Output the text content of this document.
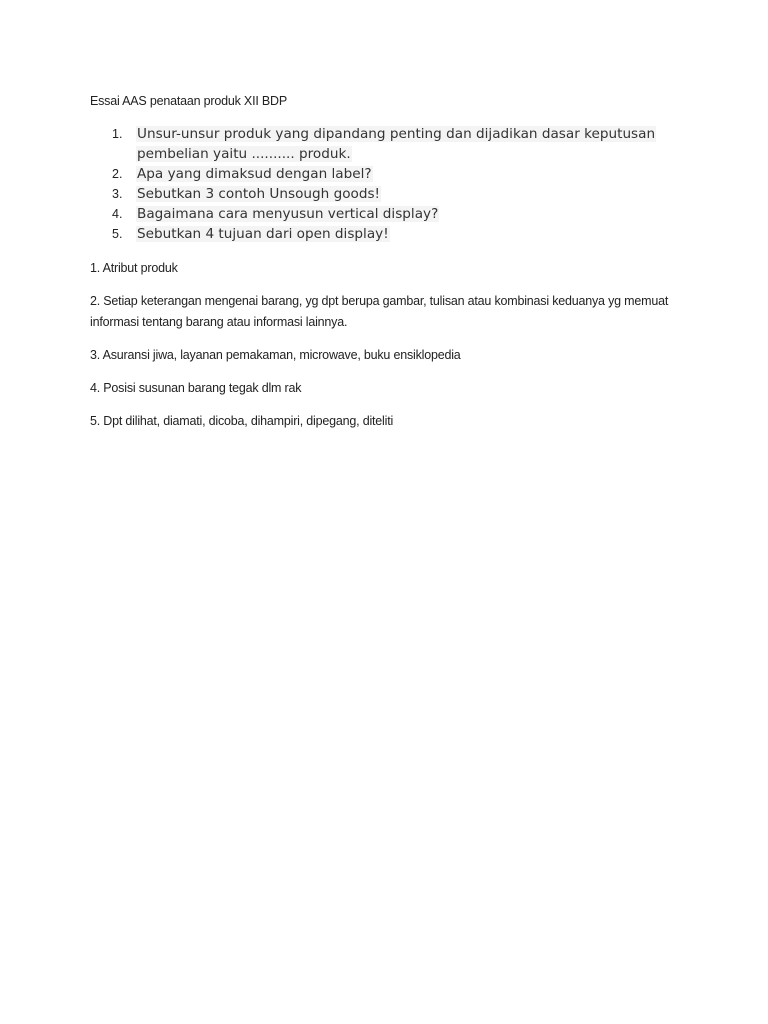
Essai AAS penataan produk XII BDP
1. Unsur-unsur produk yang dipandang penting dan dijadikan dasar keputusan pembelian yaitu .......... produk.
2. Apa yang dimaksud dengan label?
3. Sebutkan 3 contoh Unsough goods!
4. Bagaimana cara menyusun vertical display?
5. Sebutkan 4 tujuan dari open display!

1. Atribut produk

2. Setiap keterangan mengenai barang, yg dpt berupa gambar, tulisan atau kombinasi keduanya yg memuat informasi tentang barang atau informasi lainnya.

3. Asuransi jiwa, layanan pemakaman, microwave, buku ensiklopedia

4. Posisi susunan barang tegak dlm rak

5. Dpt dilihat, diamati, dicoba, dihampiri, dipegang, diteliti
